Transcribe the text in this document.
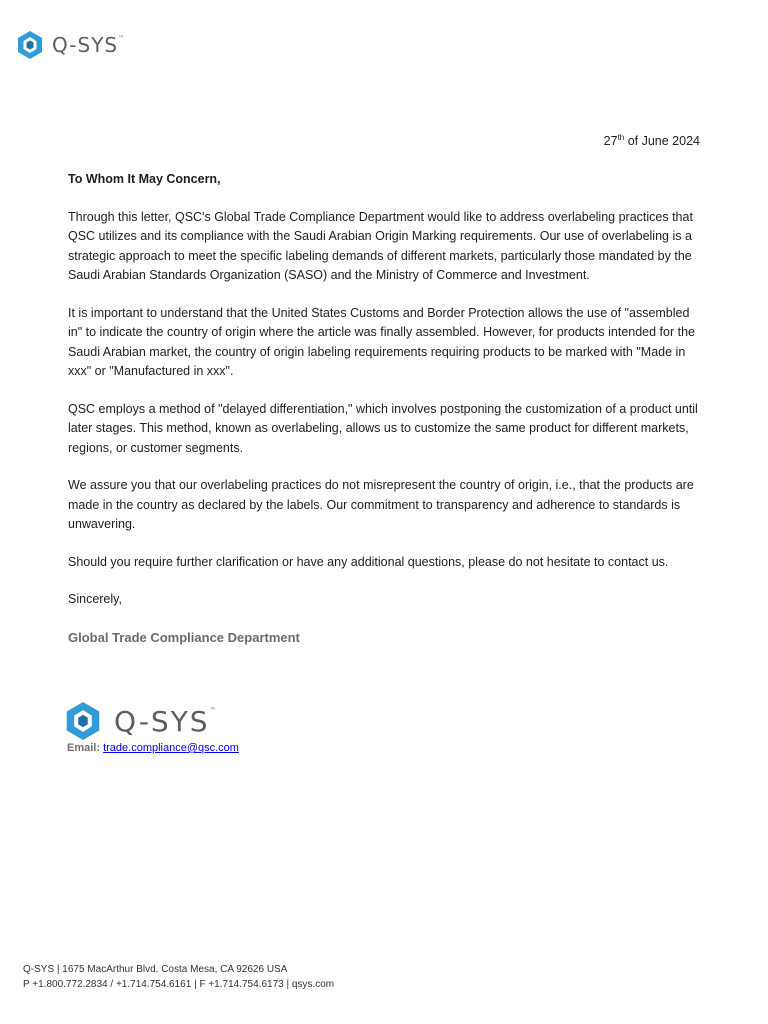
Q-SYS ™
27th of June 2024

To Whom It May Concern,

Through this letter, QSC's Global Trade Compliance Department would like to address overlabeling practices that QSC utilizes and its compliance with the Saudi Arabian Origin Marking requirements. Our use of overlabeling is a strategic approach to meet the specific labeling demands of different markets, particularly those mandated by the Saudi Arabian Standards Organization (SASO) and the Ministry of Commerce and Investment.

It is important to understand that the United States Customs and Border Protection allows the use of "assembled in" to indicate the country of origin where the article was finally assembled. However, for products intended for the Saudi Arabian market, the country of origin labeling requirements requiring products to be marked with "Made in xxx" or "Manufactured in xxx".

QSC employs a method of "delayed differentiation," which involves postponing the customization of a product until later stages. This method, known as overlabeling, allows us to customize the same product for different markets, regions, or customer segments.

We assure you that our overlabeling practices do not misrepresent the country of origin, i.e., that the products are made in the country as declared by the labels. Our commitment to transparency and adherence to standards is unwavering.

Should you require further clarification or have any additional questions, please do not hesitate to contact us.

Sincerely,

Global Trade Compliance Department

Q-SYS ™
Email: trade.compliance@qsc.com
Q-SYS | 1675 MacArthur Blvd. Costa Mesa, CA 92626 USA
P +1.800.772.2834 / +1.714.754.6161 | F +1.714.754.6173 | qsys.com
